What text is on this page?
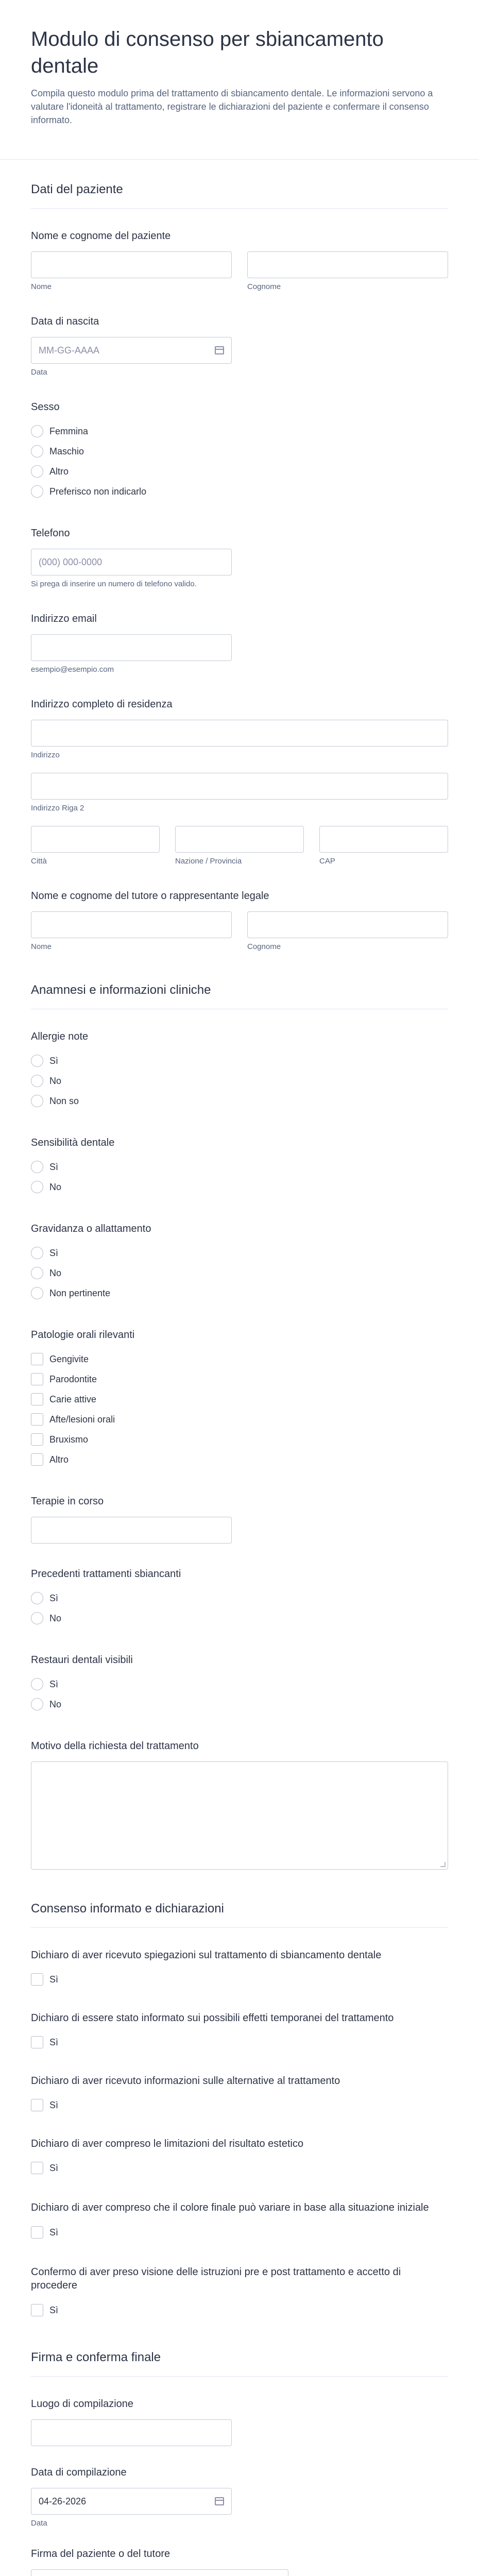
Modulo di consenso per sbiancamento dentale

Compila questo modulo prima del trattamento di sbiancamento dentale. Le informazioni servono a valutare l'idoneità al trattamento, registrare le dichiarazioni del paziente e confermare il consenso informato.

Dati del paziente
Nome e cognome del paziente
Nome	Cognome
Data di nascita
MM-GG-AAAA
Data
Sesso
Femmina
Maschio
Altro
Preferisco non indicarlo
Telefono
(000) 000-0000
Si prega di inserire un numero di telefono valido.
Indirizzo email
esempio@esempio.com
Indirizzo completo di residenza
Indirizzo
Indirizzo Riga 2
Città	Nazione / Provincia	CAP
Nome e cognome del tutore o rappresentante legale
Nome	Cognome
Anamnesi e informazioni cliniche
Allergie note
Sì
No
Non so
Sensibilità dentale
Sì
No
Gravidanza o allattamento
Sì
No
Non pertinente
Patologie orali rilevanti
Gengivite
Parodontite
Carie attive
Afte/lesioni orali
Bruxismo
Altro
Terapie in corso
Precedenti trattamenti sbiancanti
Sì
No
Restauri dentali visibili
Sì
No
Motivo della richiesta del trattamento
Consenso informato e dichiarazioni
Dichiaro di aver ricevuto spiegazioni sul trattamento di sbiancamento dentale
Sì
Dichiaro di essere stato informato sui possibili effetti temporanei del trattamento
Sì
Dichiaro di aver ricevuto informazioni sulle alternative al trattamento
Sì
Dichiaro di aver compreso le limitazioni del risultato estetico
Sì
Dichiaro di aver compreso che il colore finale può variare in base alla situazione iniziale
Sì
Confermo di aver preso visione delle istruzioni pre e post trattamento e accetto di procedere
Sì
Firma e conferma finale
Luogo di compilazione
Data di compilazione
04-26-2026
Data
Firma del paziente o del tutore
